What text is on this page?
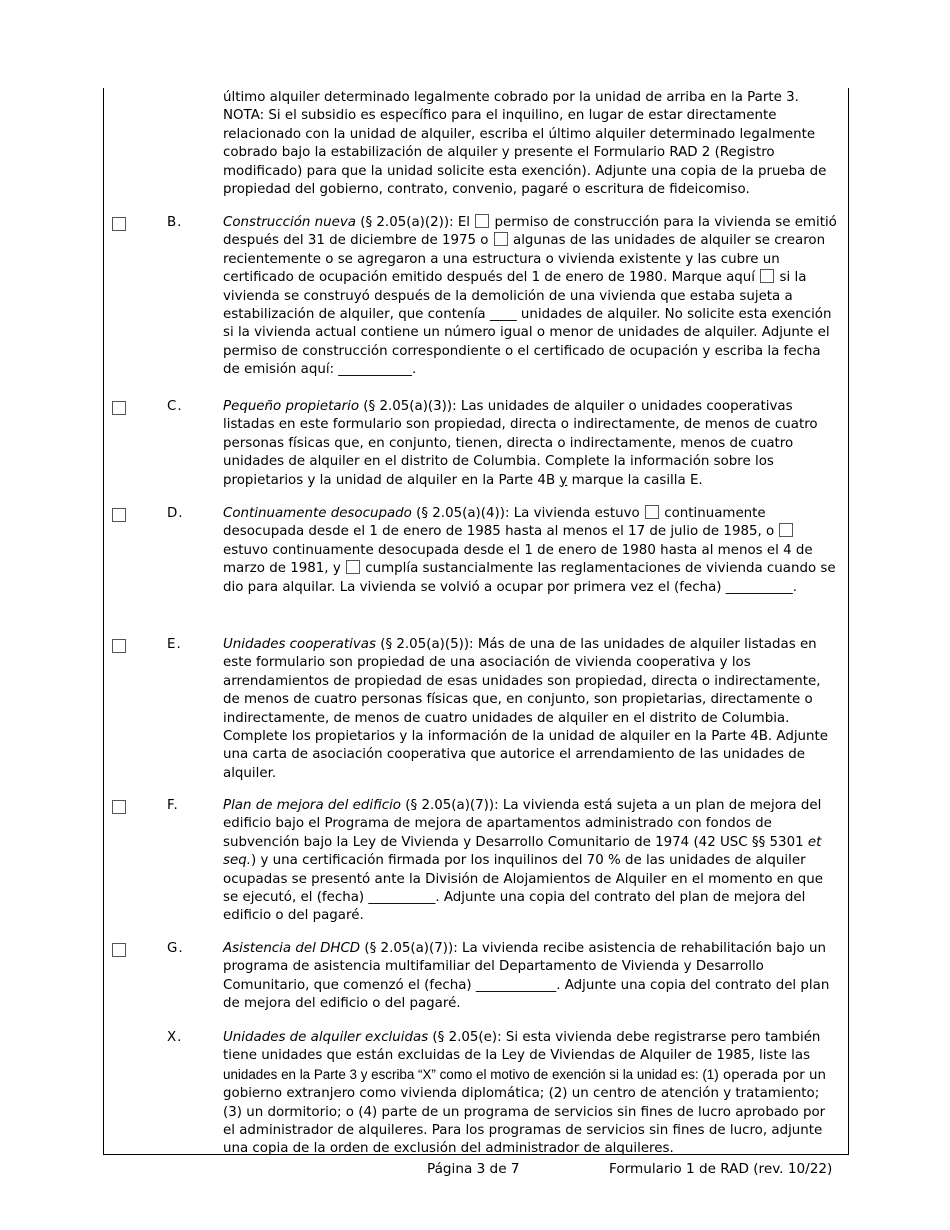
último alquiler determinado legalmente cobrado por la unidad de arriba en la Parte 3.
NOTA: Si el subsidio es específico para el inquilino, en lugar de estar directamente relacionado con la unidad de alquiler, escriba el último alquiler determinado legalmente cobrado bajo la estabilización de alquiler y presente el Formulario RAD 2 (Registro modificado) para que la unidad solicite esta exención). Adjunte una copia de la prueba de propiedad del gobierno, contrato, convenio, pagaré o escritura de fideicomiso.
B.	Construcción nueva (§ 2.05(a)(2)): El  permiso de construcción para la vivienda se emitió después del 31 de diciembre de 1975 o  algunas de las unidades de alquiler se crearon recientemente o se agregaron a una estructura o vivienda existente y las cubre un certificado de ocupación emitido después del 1 de enero de 1980. Marque aquí  si la vivienda se construyó después de la demolición de una vivienda que estaba sujeta a estabilización de alquiler, que contenía ____ unidades de alquiler. No solicite esta exención si la vivienda actual contiene un número igual o menor de unidades de alquiler. Adjunte el permiso de construcción correspondiente o el certificado de ocupación y escriba la fecha de emisión aquí: ___________.
C.	Pequeño propietario (§ 2.05(a)(3)): Las unidades de alquiler o unidades cooperativas listadas en este formulario son propiedad, directa o indirectamente, de menos de cuatro personas físicas que, en conjunto, tienen, directa o indirectamente, menos de cuatro unidades de alquiler en el distrito de Columbia. Complete la información sobre los propietarios y la unidad de alquiler en la Parte 4B y marque la casilla E.
D.	Continuamente desocupado (§ 2.05(a)(4)): La vivienda estuvo  continuamente desocupada desde el 1 de enero de 1985 hasta al menos el 17 de julio de 1985, o  estuvo continuamente desocupada desde el 1 de enero de 1980 hasta al menos el 4 de marzo de 1981, y  cumplía sustancialmente las reglamentaciones de vivienda cuando se dio para alquilar. La vivienda se volvió a ocupar por primera vez el (fecha) __________.
E.	Unidades cooperativas (§ 2.05(a)(5)): Más de una de las unidades de alquiler listadas en este formulario son propiedad de una asociación de vivienda cooperativa y los arrendamientos de propiedad de esas unidades son propiedad, directa o indirectamente, de menos de cuatro personas físicas que, en conjunto, son propietarias, directamente o indirectamente, de menos de cuatro unidades de alquiler en el distrito de Columbia. Complete los propietarios y la información de la unidad de alquiler en la Parte 4B. Adjunte una carta de asociación cooperativa que autorice el arrendamiento de las unidades de alquiler.
F.	Plan de mejora del edificio (§ 2.05(a)(7)): La vivienda está sujeta a un plan de mejora del edificio bajo el Programa de mejora de apartamentos administrado con fondos de subvención bajo la Ley de Vivienda y Desarrollo Comunitario de 1974 (42 USC §§ 5301 et seq.) y una certificación firmada por los inquilinos del 70 % de las unidades de alquiler ocupadas se presentó ante la División de Alojamientos de Alquiler en el momento en que se ejecutó, el (fecha) __________. Adjunte una copia del contrato del plan de mejora del edificio o del pagaré.
G.	Asistencia del DHCD (§ 2.05(a)(7)): La vivienda recibe asistencia de rehabilitación bajo un programa de asistencia multifamiliar del Departamento de Vivienda y Desarrollo Comunitario, que comenzó el (fecha) ____________. Adjunte una copia del contrato del plan de mejora del edificio o del pagaré.
X.	Unidades de alquiler excluidas (§ 2.05(e): Si esta vivienda debe registrarse pero también tiene unidades que están excluidas de la Ley de Viviendas de Alquiler de 1985, liste las unidades en la Parte 3 y escriba “X” como el motivo de exención si la unidad es: (1) operada por un gobierno extranjero como vivienda diplomática; (2) un centro de atención y tratamiento; (3) un dormitorio; o (4) parte de un programa de servicios sin fines de lucro aprobado por el administrador de alquileres. Para los programas de servicios sin fines de lucro, adjunte una copia de la orden de exclusión del administrador de alquileres.
Página 3 de 7	Formulario 1 de RAD (rev. 10/22)
